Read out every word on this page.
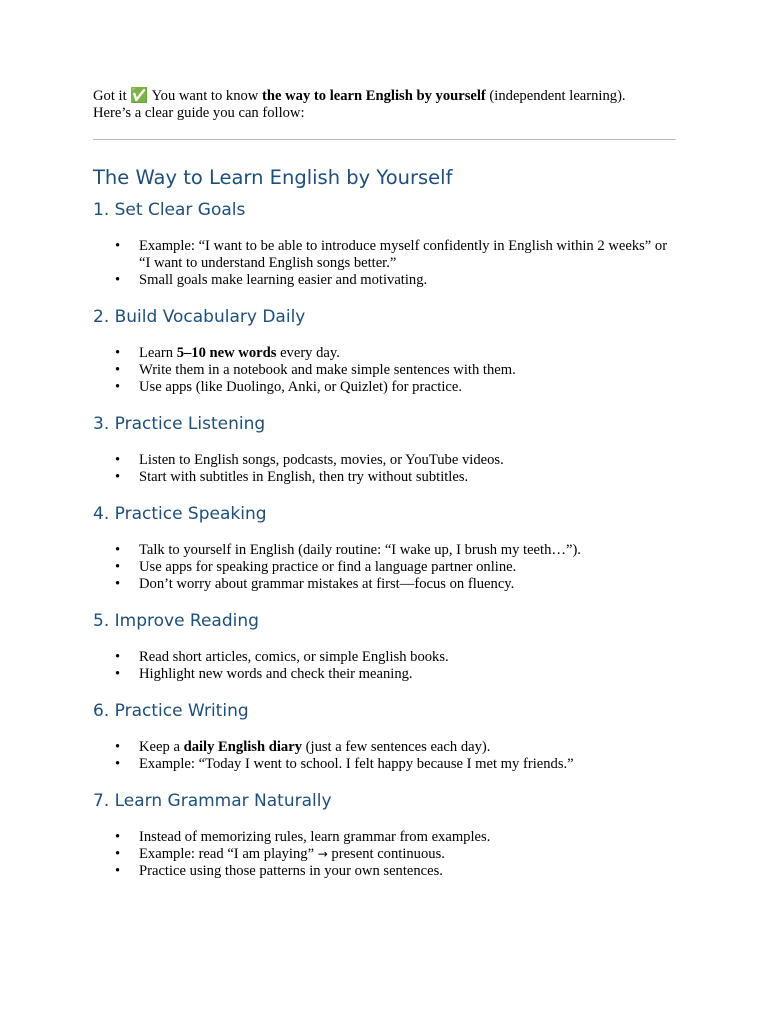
Got it ✅ You want to know the way to learn English by yourself (independent learning).
Here’s a clear guide you can follow:

The Way to Learn English by Yourself
1. Set Clear Goals
• Example: “I want to be able to introduce myself confidently in English within 2 weeks” or “I want to understand English songs better.”
• Small goals make learning easier and motivating.
2. Build Vocabulary Daily
• Learn 5–10 new words every day.
• Write them in a notebook and make simple sentences with them.
• Use apps (like Duolingo, Anki, or Quizlet) for practice.
3. Practice Listening
• Listen to English songs, podcasts, movies, or YouTube videos.
• Start with subtitles in English, then try without subtitles.
4. Practice Speaking
• Talk to yourself in English (daily routine: “I wake up, I brush my teeth…”).
• Use apps for speaking practice or find a language partner online.
• Don’t worry about grammar mistakes at first—focus on fluency.
5. Improve Reading
• Read short articles, comics, or simple English books.
• Highlight new words and check their meaning.
6. Practice Writing
• Keep a daily English diary (just a few sentences each day).
• Example: “Today I went to school. I felt happy because I met my friends.”
7. Learn Grammar Naturally
• Instead of memorizing rules, learn grammar from examples.
• Example: read “I am playing” → present continuous.
• Practice using those patterns in your own sentences.
